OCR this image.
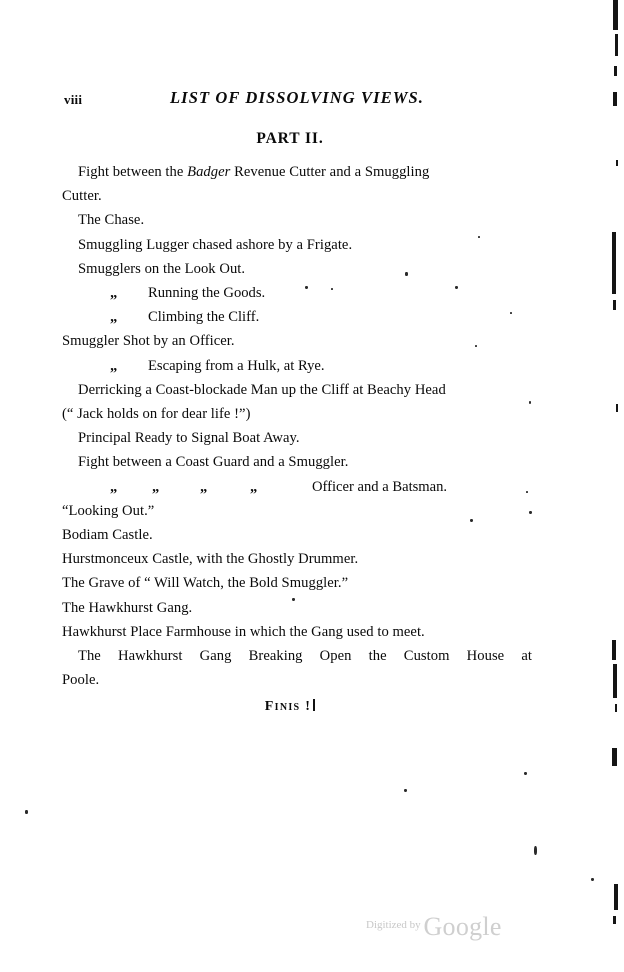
viii	LIST OF DISSOLVING VIEWS.
PART II.
Fight between the Badger Revenue Cutter and a Smuggling
Cutter.
The Chase.
Smuggling Lugger chased ashore by a Frigate.
Smugglers on the Look Out.
„ Running the Goods.
„ Climbing the Cliff.
Smuggler Shot by an Officer.
„ Escaping from a Hulk, at Rye.
Derricking a Coast-blockade Man up the Cliff at Beachy Head
(“ Jack holds on for dear life !”)
Principal Ready to Signal Boat Away.
Fight between a Coast Guard and a Smuggler.
„ „	„	„	Officer and a Batsman.
“Looking Out.”
Bodiam Castle.
Hurstmonceux Castle, with the Ghostly Drummer.
The Grave of “ Will Watch, the Bold Smuggler.”
The Hawkhurst Gang.
Hawkhurst Place Farmhouse in which the Gang used to meet.
The Hawkhurst Gang Breaking Open the Custom House at
Poole.
Finis !
Digitized by Google
